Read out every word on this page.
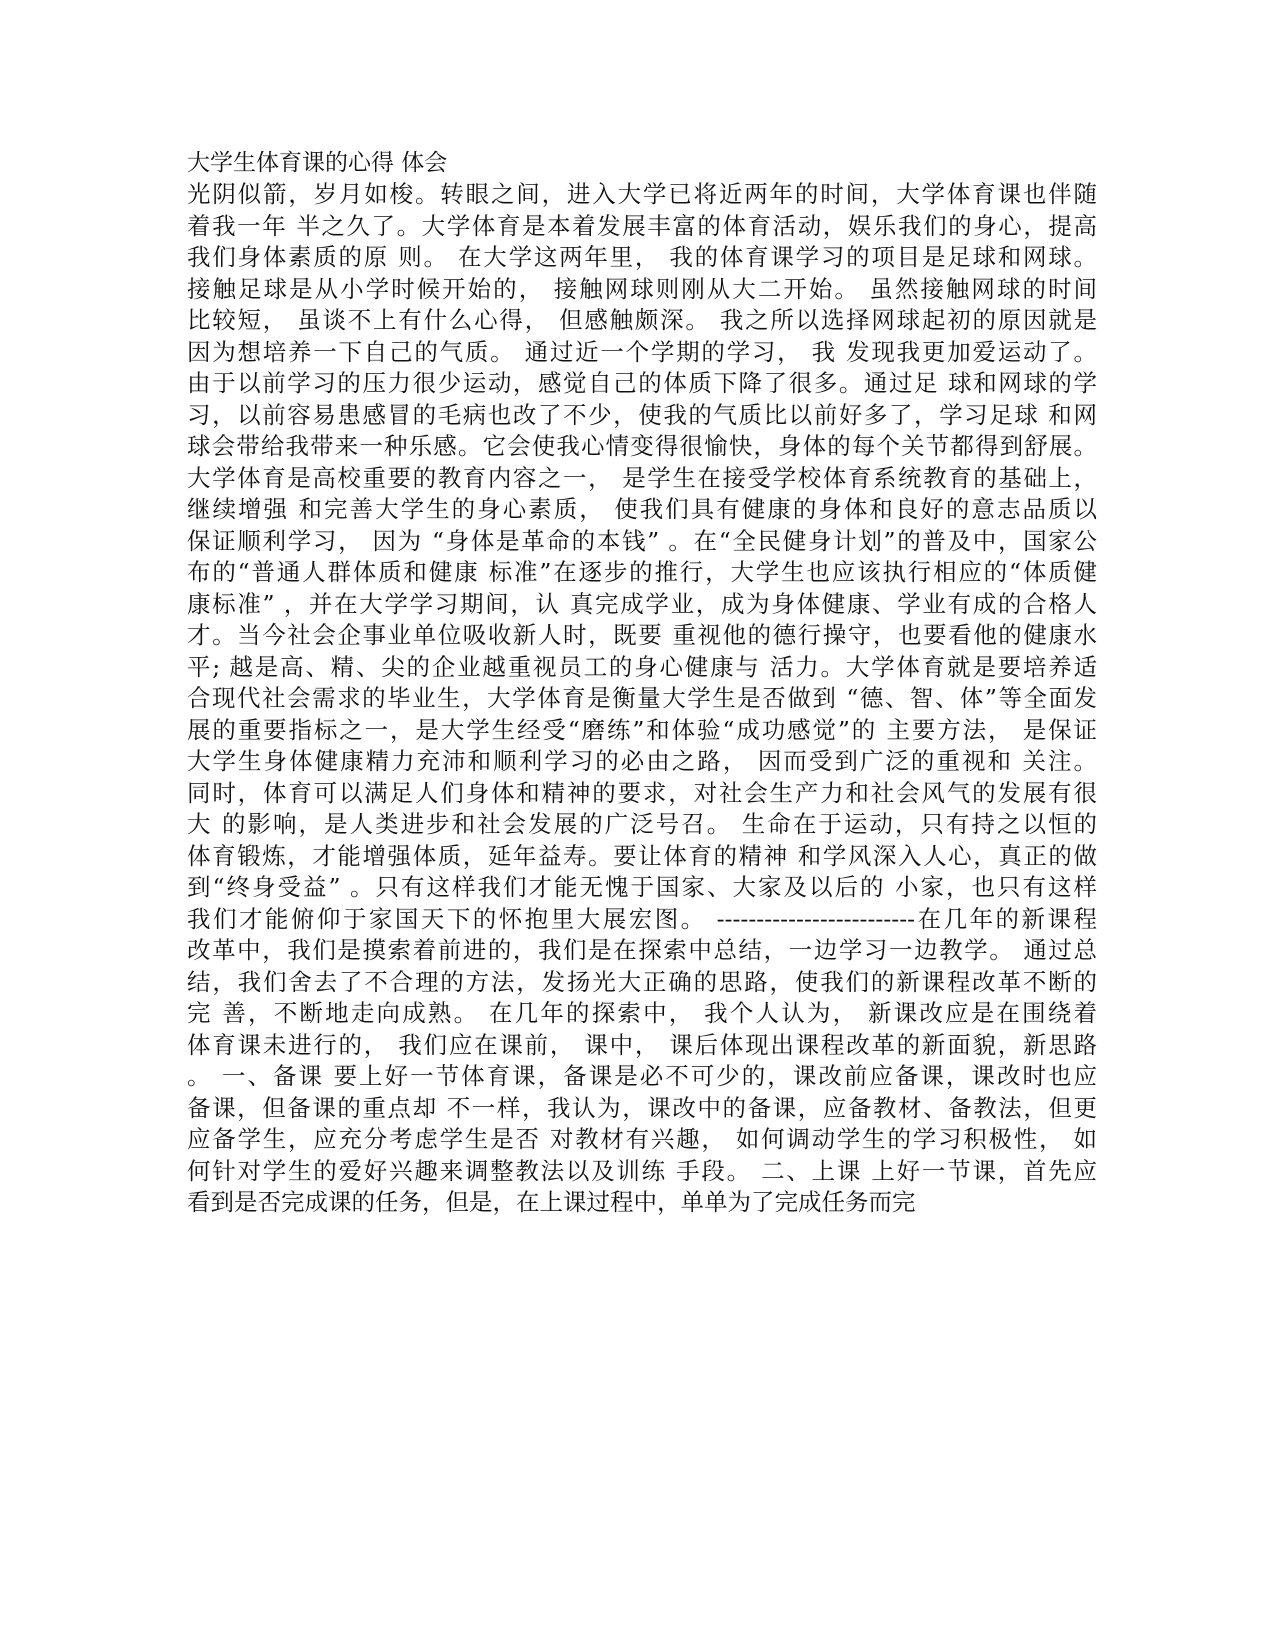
大学生体育课的心得 体会
光阴似箭，岁月如梭。转眼之间，进入大学已将近两年的时间，大学体育课也伴随
着我一年 半之久了。大学体育是本着发展丰富的体育活动，娱乐我们的身心，提高
我们身体素质的原 则。 在大学这两年里， 我的体育课学习的项目是足球和网球。
接触足球是从小学时候开始的， 接触网球则刚从大二开始。 虽然接触网球的时间
比较短， 虽谈不上有什么心得， 但感触颇深。 我之所以选择网球起初的原因就是
因为想培养一下自己的气质。 通过近一个学期的学习， 我 发现我更加爱运动了。
由于以前学习的压力很少运动，感觉自己的体质下降了很多。通过足 球和网球的学
习，以前容易患感冒的毛病也改了不少，使我的气质比以前好多了，学习足球 和网
球会带给我带来一种乐感。它会使我心情变得很愉快，身体的每个关节都得到舒展。
大学体育是高校重要的教育内容之一， 是学生在接受学校体育系统教育的基础上，
继续增强 和完善大学生的身心素质， 使我们具有健康的身体和良好的意志品质以
保证顺利学习， 因为 “身体是革命的本钱” 。在“全民健身计划”的普及中，国家公
布的“普通人群体质和健康 标准”在逐步的推行，大学生也应该执行相应的“体质健
康标准” ，并在大学学习期间，认 真完成学业，成为身体健康、学业有成的合格人
才。当今社会企事业单位吸收新人时，既要 重视他的德行操守，也要看他的健康水
平; 越是高、精、尖的企业越重视员工的身心健康与 活力。大学体育就是要培养适
合现代社会需求的毕业生，大学体育是衡量大学生是否做到 “德、智、体”等全面发
展的重要指标之一，是大学生经受“磨练”和体验“成功感觉”的 主要方法， 是保证
大学生身体健康精力充沛和顺利学习的必由之路， 因而受到广泛的重视和 关注。
同时，体育可以满足人们身体和精神的要求，对社会生产力和社会风气的发展有很
大 的影响，是人类进步和社会发展的广泛号召。 生命在于运动，只有持之以恒的
体育锻炼，才能增强体质，延年益寿。要让体育的精神 和学风深入人心，真正的做
到“终身受益” 。只有这样我们才能无愧于国家、大家及以后的 小家，也只有这样
我们才能俯仰于家国天下的怀抱里大展宏图。 -------------------------在几年的新课程
改革中，我们是摸索着前进的，我们是在探索中总结，一边学习一边教学。 通过总
结，我们舍去了不合理的方法，发扬光大正确的思路，使我们的新课程改革不断的
完 善，不断地走向成熟。 在几年的探索中， 我个人认为， 新课改应是在围绕着
体育课未进行的， 我们应在课前， 课中， 课后体现出课程改革的新面貌，新思路
。 一、备课 要上好一节体育课，备课是必不可少的，课改前应备课，课改时也应
备课，但备课的重点却 不一样，我认为，课改中的备课，应备教材、备教法，但更
应备学生，应充分考虑学生是否 对教材有兴趣， 如何调动学生的学习积极性， 如
何针对学生的爱好兴趣来调整教法以及训练 手段。 二、上课 上好一节课，首先应
看到是否完成课的任务，但是，在上课过程中，单单为了完成任务而完
